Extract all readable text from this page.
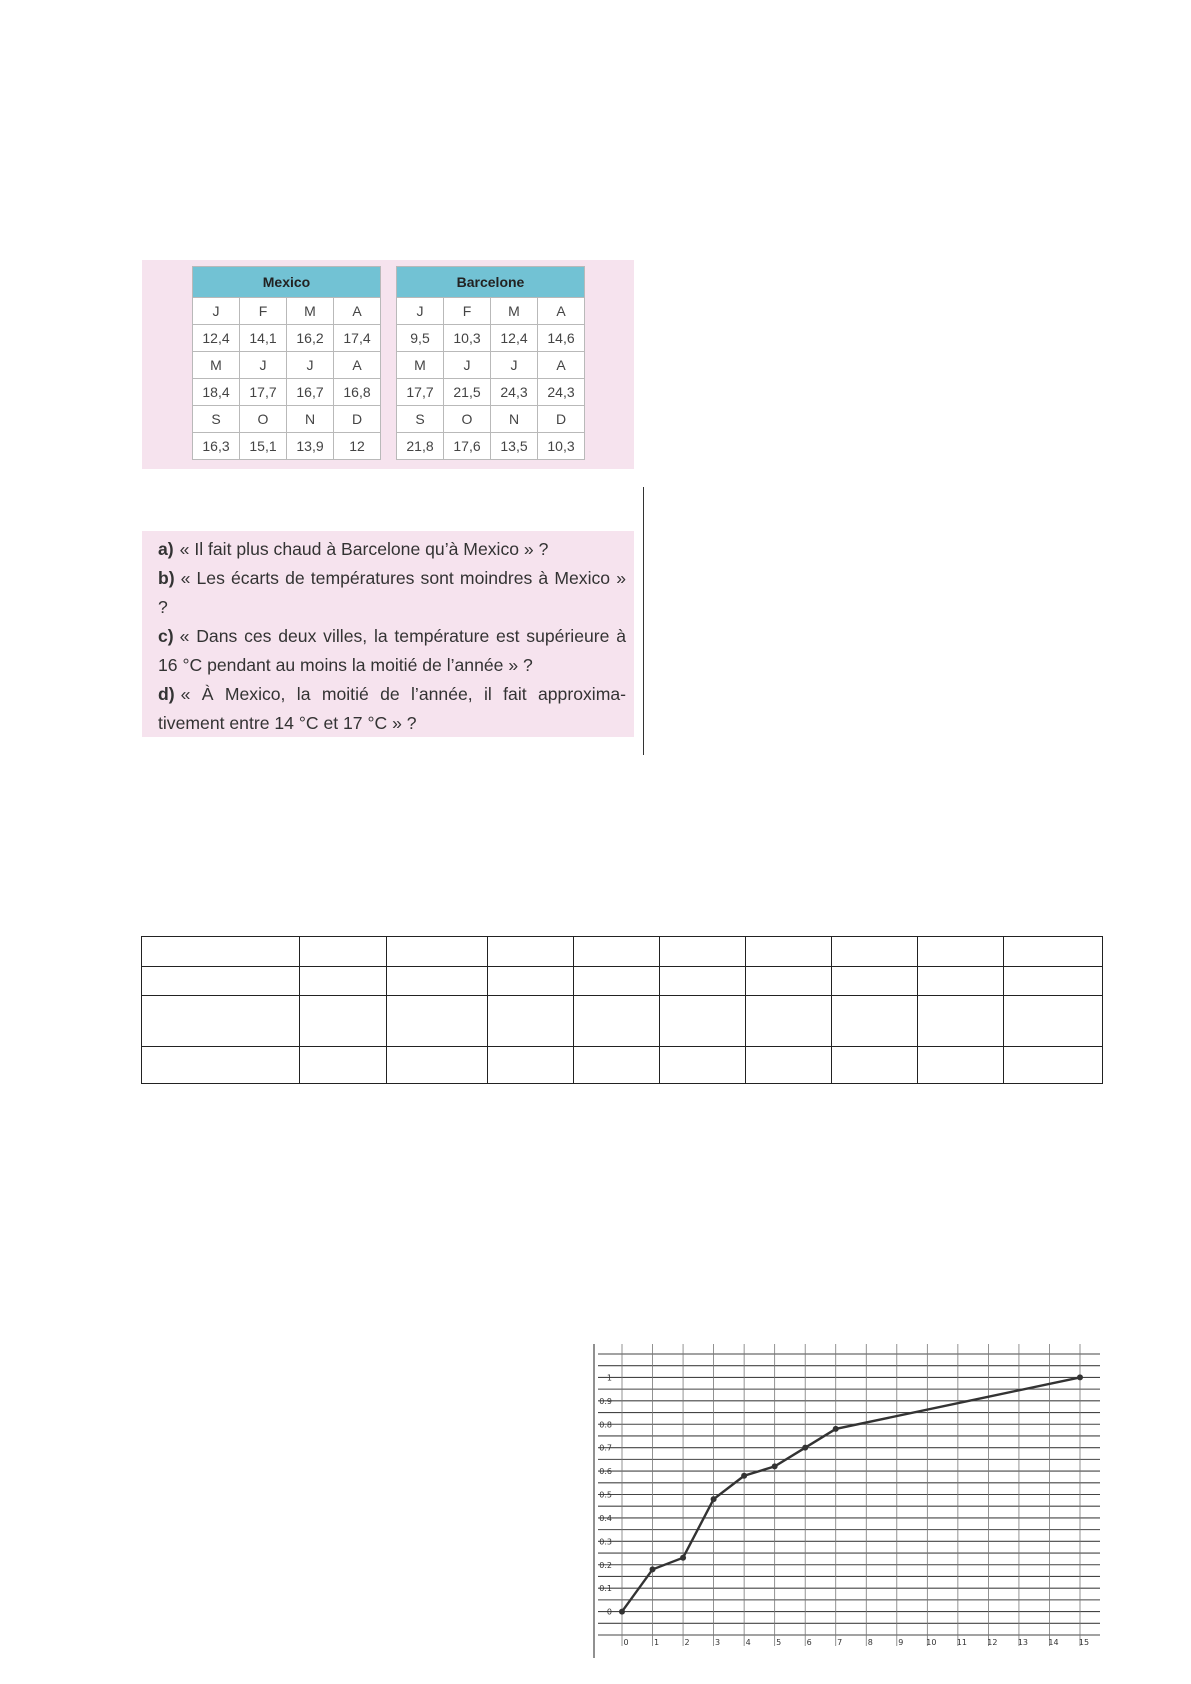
Mexico			
J	F	M	A
12,4	14,1	16,2	17,4
M	J	J	A
18,4	17,7	16,7	16,8
S	O	N	D
16,3	15,1	13,9	12
Barcelone			
J	F	M	A
9,5	10,3	12,4	14,6
M	J	J	A
17,7	21,5	24,3	24,3
S	O	N	D
21,8	17,6	13,5	10,3

a) « Il fait plus chaud à Barcelone qu’à Mexico » ?

b) « Les écarts de températures sont moindres à Mexico » ?

c) « Dans ces deux villes, la température est supérieure à 16 °C pendant au moins la moitié de l’année » ?

d) « À Mexico, la moitié de l’année, il fait approxima-tivement entre 14 °C et 17 °C » ?

0
0.1
0.2
0.3
0.4
0.5
0.6
0.7
0.8
0.9
1
0	1	2	3	4	5	6	7	8	9	10	11	12	13	14	15
